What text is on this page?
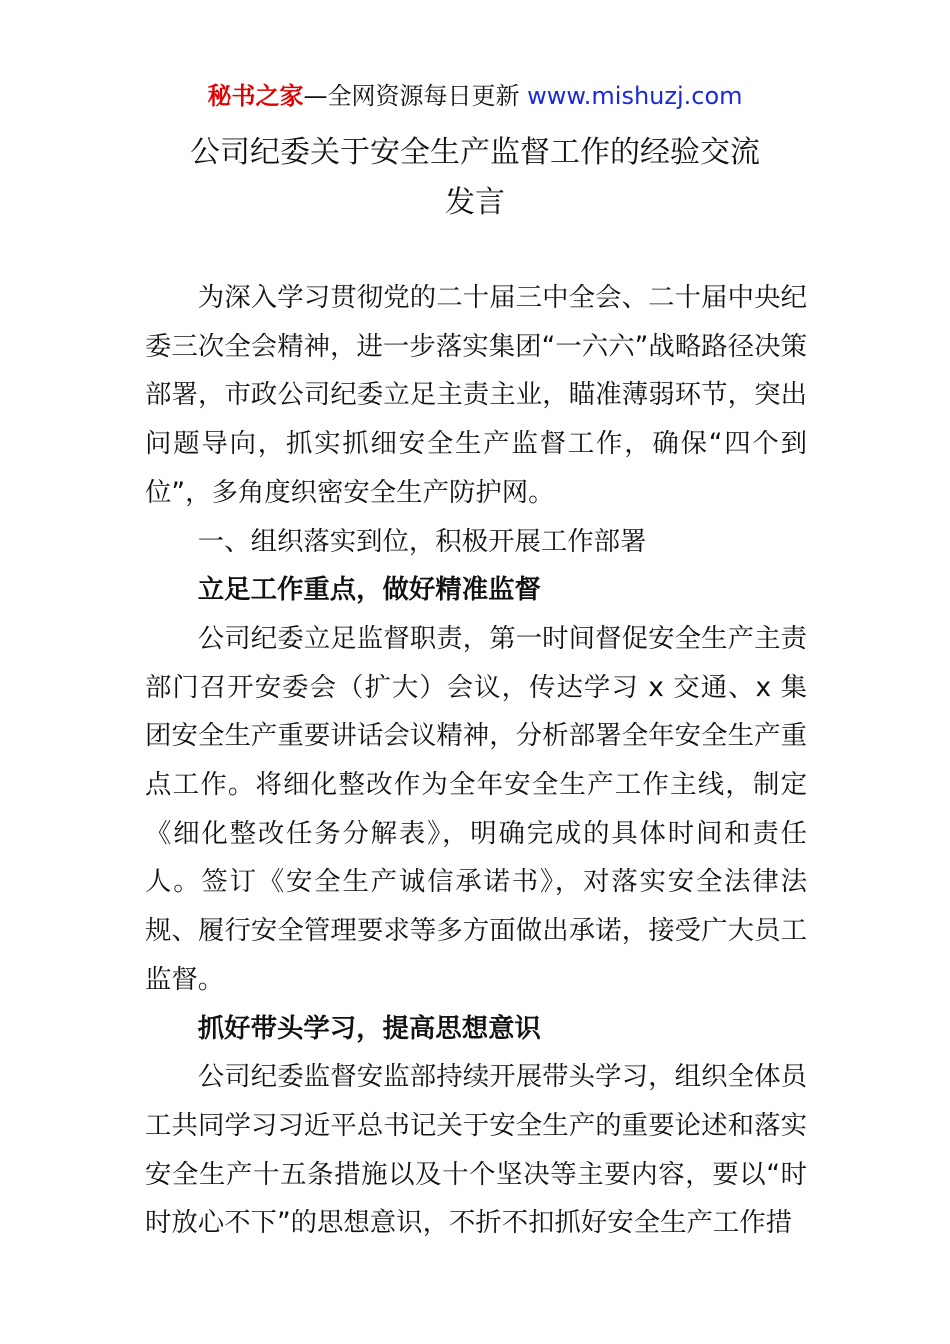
秘书之家—全网资源每日更新 www.mishuzj.com
公司纪委关于安全生产监督工作的经验交流
发言

为深入学习贯彻党的二十届三中全会、二十届中央纪委三次全会精神，进一步落实集团“一六六”战略路径决策部署，市政公司纪委立足主责主业，瞄准薄弱环节，突出问题导向，抓实抓细安全生产监督工作，确保“四个到位”，多角度织密安全生产防护网。

一、组织落实到位，积极开展工作部署

立足工作重点，做好精准监督

公司纪委立足监督职责，第一时间督促安全生产主责部门召开安委会（扩大）会议，传达学习 x 交通、x 集团安全生产重要讲话会议精神，分析部署全年安全生产重点工作。将细化整改作为全年安全生产工作主线，制定《细化整改任务分解表》，明确完成的具体时间和责任人。签订《安全生产诚信承诺书》，对落实安全法律法规、履行安全管理要求等多方面做出承诺，接受广大员工监督。

抓好带头学习，提高思想意识

公司纪委监督安监部持续开展带头学习，组织全体员工共同学习习近平总书记关于安全生产的重要论述和落实安全生产十五条措施以及十个坚决等主要内容，要以“时时放心不下”的思想意识，不折不扣抓好安全生产工作措
